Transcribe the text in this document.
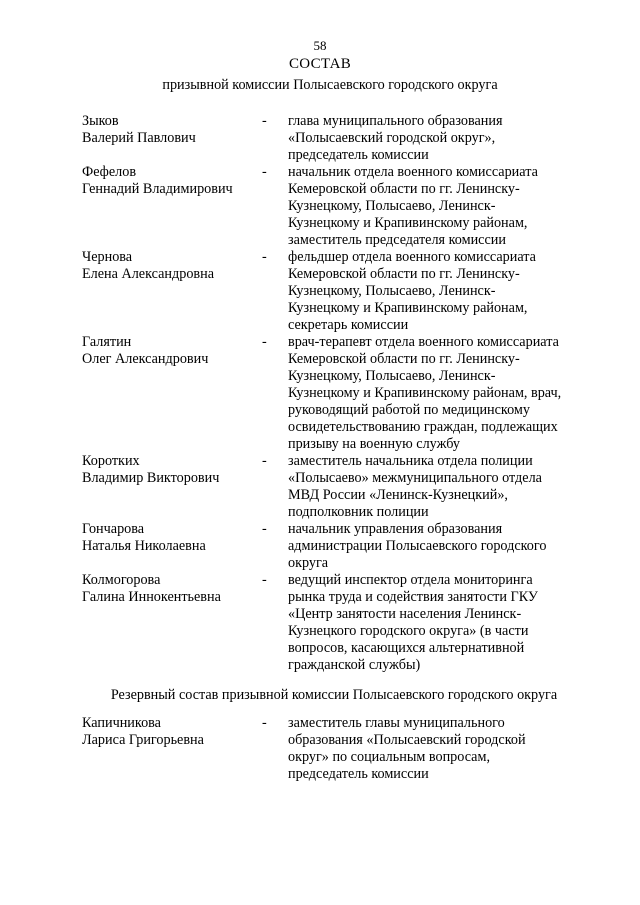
58
СОСТАВ
призывной комиссии Полысаевского городского округа
Зыков
Валерий Павлович
-	глава муниципального образования
«Полысаевский городской округ»,
председатель комиссии
Фефелов
Геннадий Владимирович
-	начальник отдела военного комиссариата
Кемеровской области по гг. Ленинску-
Кузнецкому, Полысаево, Ленинск-
Кузнецкому и Крапивинскому районам,
заместитель председателя комиссии
Чернова
Елена Александровна
-	фельдшер отдела военного комиссариата
Кемеровской области по гг. Ленинску-
Кузнецкому, Полысаево, Ленинск-
Кузнецкому и Крапивинскому районам,
секретарь комиссии
Галятин
Олег Александрович
-	врач-терапевт отдела военного комиссариата
Кемеровской области по гг. Ленинску-
Кузнецкому, Полысаево, Ленинск-
Кузнецкому и Крапивинскому районам, врач,
руководящий работой по медицинскому
освидетельствованию граждан, подлежащих
призыву на военную службу
Коротких
Владимир Викторович
-	заместитель начальника отдела полиции
«Полысаево» межмуниципального отдела
МВД России «Ленинск-Кузнецкий»,
подполковник полиции
Гончарова
Наталья Николаевна
-	начальник управления образования
администрации Полысаевского городского
округа
Колмогорова
Галина Иннокентьевна
-	ведущий инспектор отдела мониторинга
рынка труда и содействия занятости ГКУ
«Центр занятости населения Ленинск-
Кузнецкого городского округа» (в части
вопросов, касающихся альтернативной
гражданской службы)
Резервный состав призывной комиссии Полысаевского городского округа
Капичникова
Лариса Григорьевна
-	заместитель главы муниципального
образования «Полысаевский городской
округ» по социальным вопросам,
председатель комиссии
